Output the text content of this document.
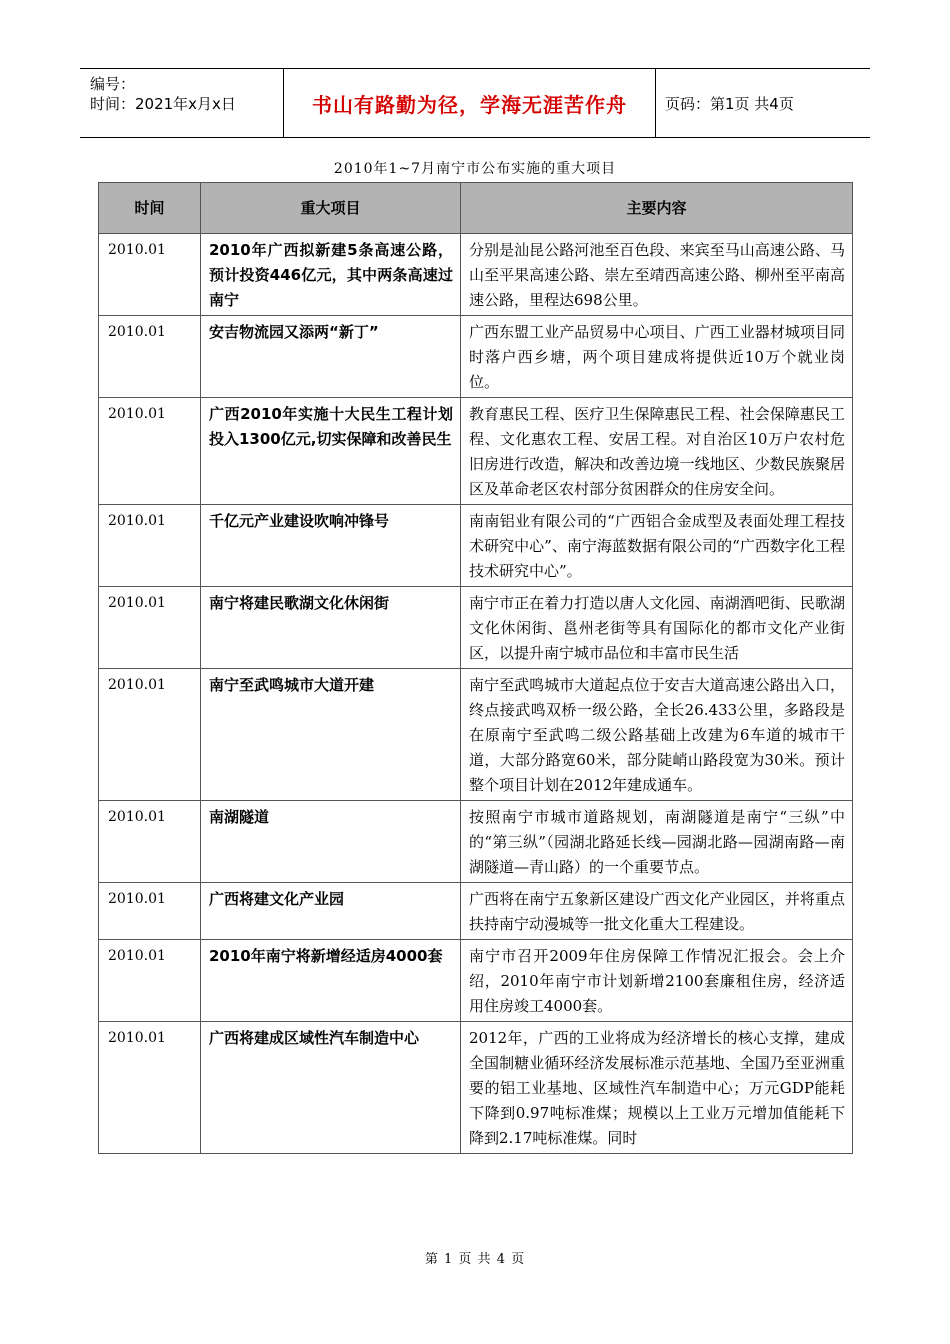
编号：
时间：2021年x月x日	书山有路勤为径，学海无涯苦作舟	页码：第1页 共4页
2010年1~7月南宁市公布实施的重大项目
时间	重大项目	主要内容
2010.01	2010年广西拟新建5条高速公路，预计投资446亿元，其中两条高速过南宁	分别是汕昆公路河池至百色段、来宾至马山高速公路、马山至平果高速公路、崇左至靖西高速公路、柳州至平南高速公路，里程达698公里。
2010.01	安吉物流园又添两“新丁”	广西东盟工业产品贸易中心项目、广西工业器材城项目同时落户西乡塘，两个项目建成将提供近10万个就业岗位。
2010.01	广西2010年实施十大民生工程计划投入1300亿元,切实保障和改善民生	教育惠民工程、医疗卫生保障惠民工程、社会保障惠民工程、文化惠农工程、安居工程。对自治区10万户农村危旧房进行改造，解决和改善边境一线地区、少数民族聚居区及革命老区农村部分贫困群众的住房安全问。
2010.01	千亿元产业建设吹响冲锋号	南南铝业有限公司的“广西铝合金成型及表面处理工程技术研究中心”、南宁海蓝数据有限公司的“广西数字化工程技术研究中心”。
2010.01	南宁将建民歌湖文化休闲街	南宁市正在着力打造以唐人文化园、南湖酒吧街、民歌湖文化休闲街、邕州老街等具有国际化的都市文化产业街区，以提升南宁城市品位和丰富市民生活
2010.01	南宁至武鸣城市大道开建	南宁至武鸣城市大道起点位于安吉大道高速公路出入口，终点接武鸣双桥一级公路，全长26.433公里，多路段是在原南宁至武鸣二级公路基础上改建为6车道的城市干道，大部分路宽60米，部分陡峭山路段宽为30米。预计整个项目计划在2012年建成通车。
2010.01	南湖隧道	按照南宁市城市道路规划，南湖隧道是南宁“三纵”中的“第三纵”（园湖北路延长线—园湖北路—园湖南路—南湖隧道—青山路）的一个重要节点。
2010.01	广西将建文化产业园	广西将在南宁五象新区建设广西文化产业园区，并将重点扶持南宁动漫城等一批文化重大工程建设。
2010.01	2010年南宁将新增经适房4000套	南宁市召开2009年住房保障工作情况汇报会。会上介绍，2010年南宁市计划新增2100套廉租住房，经济适用住房竣工4000套。
2010.01	广西将建成区域性汽车制造中心	2012年，广西的工业将成为经济增长的核心支撑，建成全国制糖业循环经济发展标准示范基地、全国乃至亚洲重要的铝工业基地、区域性汽车制造中心；万元GDP能耗下降到0.97吨标准煤；规模以上工业万元增加值能耗下降到2.17吨标准煤。同时
第 1 页 共 4 页
